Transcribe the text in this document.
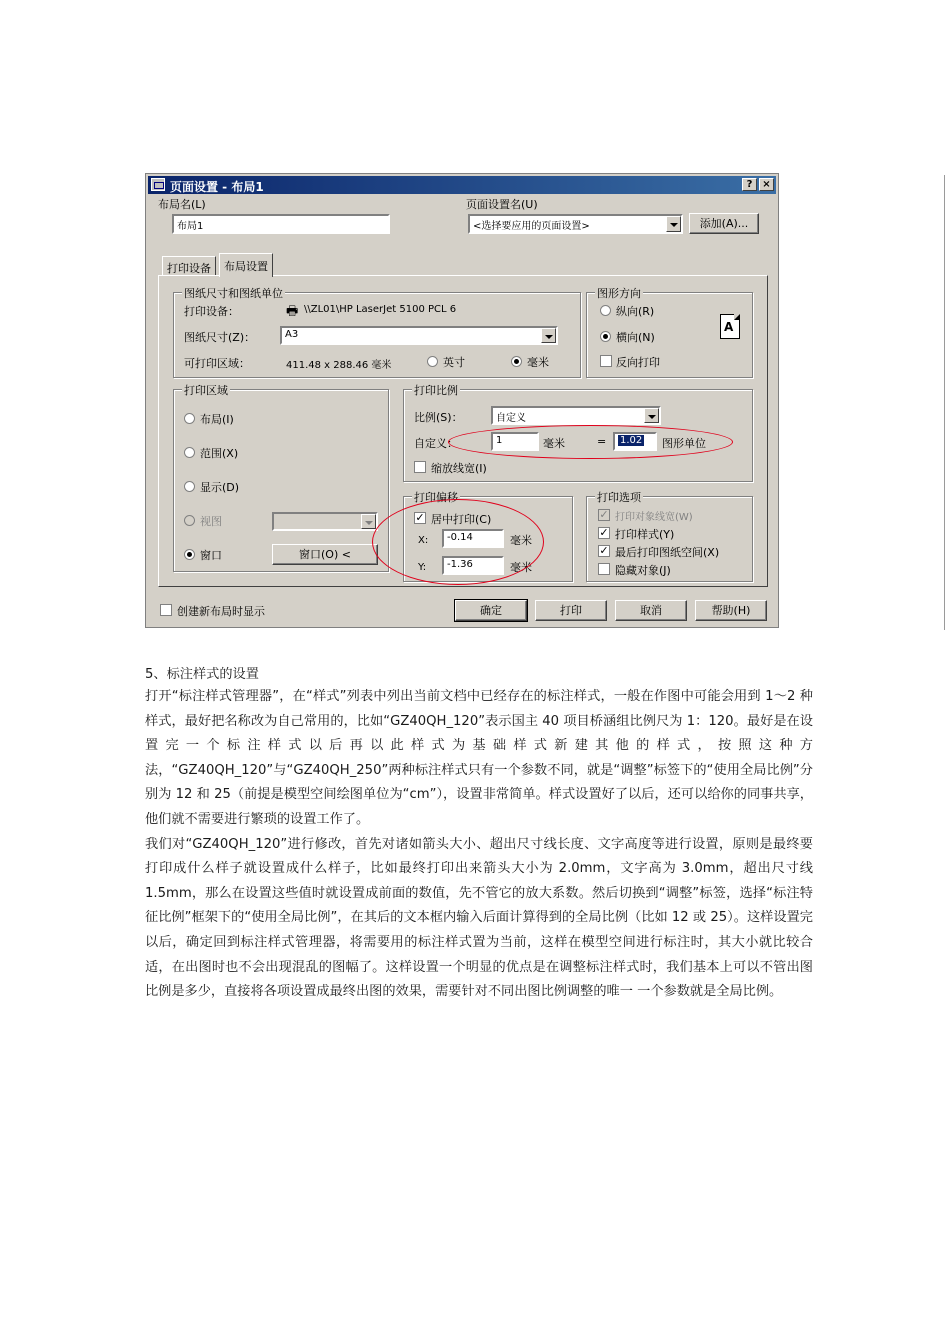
页面设置 - 布局1	? ×
布局名(L)
布局1
页面设置名(U)
<选择要应用的页面设置>	添加(A)...
打印设备	布局设置
图纸尺寸和图纸单位
打印设备：	🖶 \\ZL01\HP LaserJet 5100 PCL 6
图纸尺寸(Z)：	A3
可打印区域：	411.48 x 288.46 毫米	英寸	毫米
图形方向
纵向(R)
横向(N)
反向打印
A
打印区域
布局(I)
范围(X)
显示(D)
视图
窗口	窗口(O) <
打印比例
比例(S)：	自定义
自定义：	1	毫米	=	1.02	图形单位
缩放线宽(I)
打印偏移
✓ 居中打印(C)
X:	-0.14	毫米
Y:	-1.36	毫米
打印选项
✓ 打印对象线宽(W)
✓ 打印样式(Y)
✓ 最后打印图纸空间(X)
隐藏对象(J)
创建新布局时显示	确定	打印	取消	帮助(H)
5、标注样式的设置

打开“标注样式管理器”，在“样式”列表中列出当前文档中已经存在的标注样式，一般在作图中可能会用到 1～2 种样式，最好把名称改为自己常用的，比如“GZ40QH_120”表示国主 40 项目桥涵组比例尺为 1：120。最好是在设置完一个标注样式以后再以此样式为基础样式新建其他的样式，按照这种方法，“GZ40QH_120”与“GZ40QH_250”两种标注样式只有一个参数不同，就是“调整”标签下的“使用全局比例”分别为 12 和 25（前提是模型空间绘图单位为“cm”），设置非常简单。样式设置好了以后，还可以给你的同事共享，他们就不需要进行繁琐的设置工作了。

我们对“GZ40QH_120”进行修改，首先对诸如箭头大小、超出尺寸线长度、文字高度等进行设置，原则是最终要打印成什么样子就设置成什么样子，比如最终打印出来箭头大小为 2.0mm，文字高为 3.0mm，超出尺寸线 1.5mm，那么在设置这些值时就设置成前面的数值，先不管它的放大系数。然后切换到“调整”标签，选择“标注特征比例”框架下的“使用全局比例”，在其后的文本框内输入后面计算得到的全局比例（比如 12 或 25）。这样设置完以后，确定回到标注样式管理器，将需要用的标注样式置为当前，这样在模型空间进行标注时，其大小就比较合适，在出图时也不会出现混乱的图幅了。这样设置一个明显的优点是在调整标注样式时，我们基本上可以不管出图比例是多少，直接将各项设置成最终出图的效果，需要针对不同出图比例调整的唯一 一个参数就是全局比例。
